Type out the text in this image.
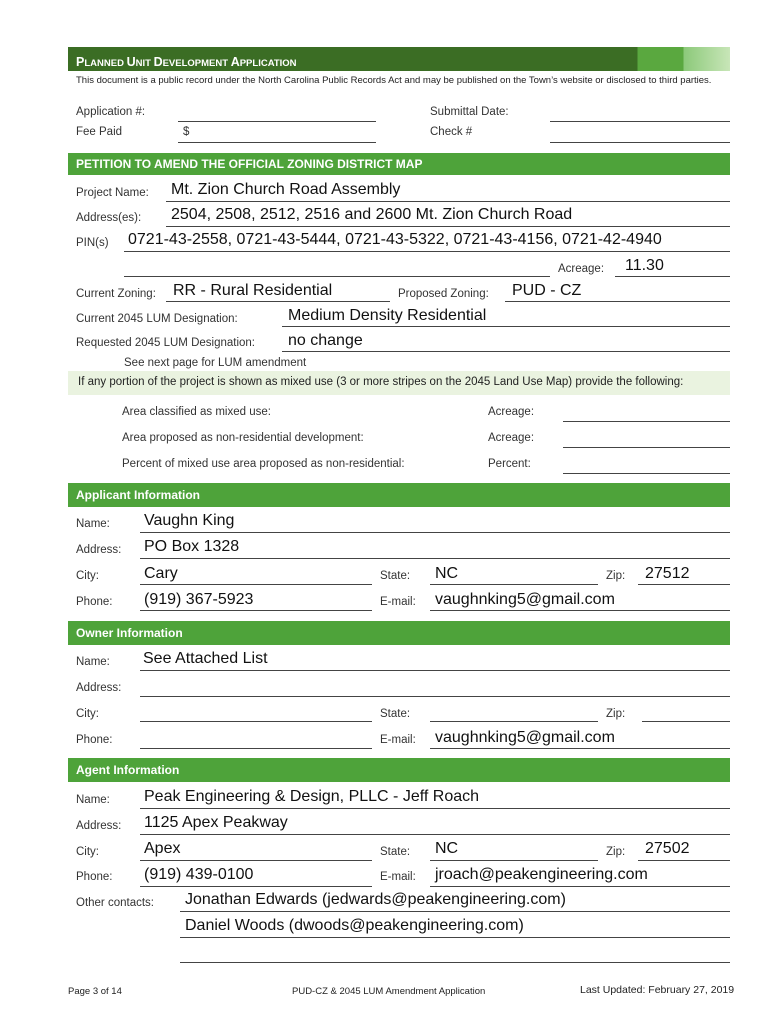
PLANNED UNIT DEVELOPMENT APPLICATION
This document is a public record under the North Carolina Public Records Act and may be published on the Town’s website or disclosed to third parties.
Application #:	Submittal Date:
Fee Paid	$	Check #
PETITION TO AMEND THE OFFICIAL ZONING DISTRICT MAP
Project Name: Mt. Zion Church Road Assembly
Address(es): 2504, 2508, 2512, 2516 and 2600 Mt. Zion Church Road
PIN(s) 0721-43-2558, 0721-43-5444, 0721-43-5322, 0721-43-4156, 0721-42-4940
Acreage: 11.30
Current Zoning: RR - Rural Residential	Proposed Zoning: PUD - CZ
Current 2045 LUM Designation:	Medium Density Residential
Requested 2045 LUM Designation: no change
See next page for LUM amendment
If any portion of the project is shown as mixed use (3 or more stripes on the 2045 Land Use Map) provide the following:
Area classified as mixed use:	Acreage:
Area proposed as non-residential development:	Acreage:
Percent of mixed use area proposed as non-residential:	Percent:
Applicant Information
Name: Vaughn King
Address: PO Box 1328
City:	Cary	State: NC	Zip: 27512
Phone: (919) 367-5923	E-mail: vaughnking5@gmail.com
Owner Information
Name: See Attached List
Address:
City:	State:	Zip:
Phone:	E-mail: vaughnking5@gmail.com
Agent Information
Name: Peak Engineering & Design, PLLC - Jeff Roach
Address: 1125 Apex Peakway
City:	Apex	State: NC	Zip: 27502
Phone: (919) 439-0100	E-mail: jroach@peakengineering.com
Other contacts: Jonathan Edwards (jedwards@peakengineering.com)
Daniel Woods (dwoods@peakengineering.com)
Page 3 of 14	PUD-CZ & 2045 LUM Amendment Application	Last Updated: February 27, 2019
